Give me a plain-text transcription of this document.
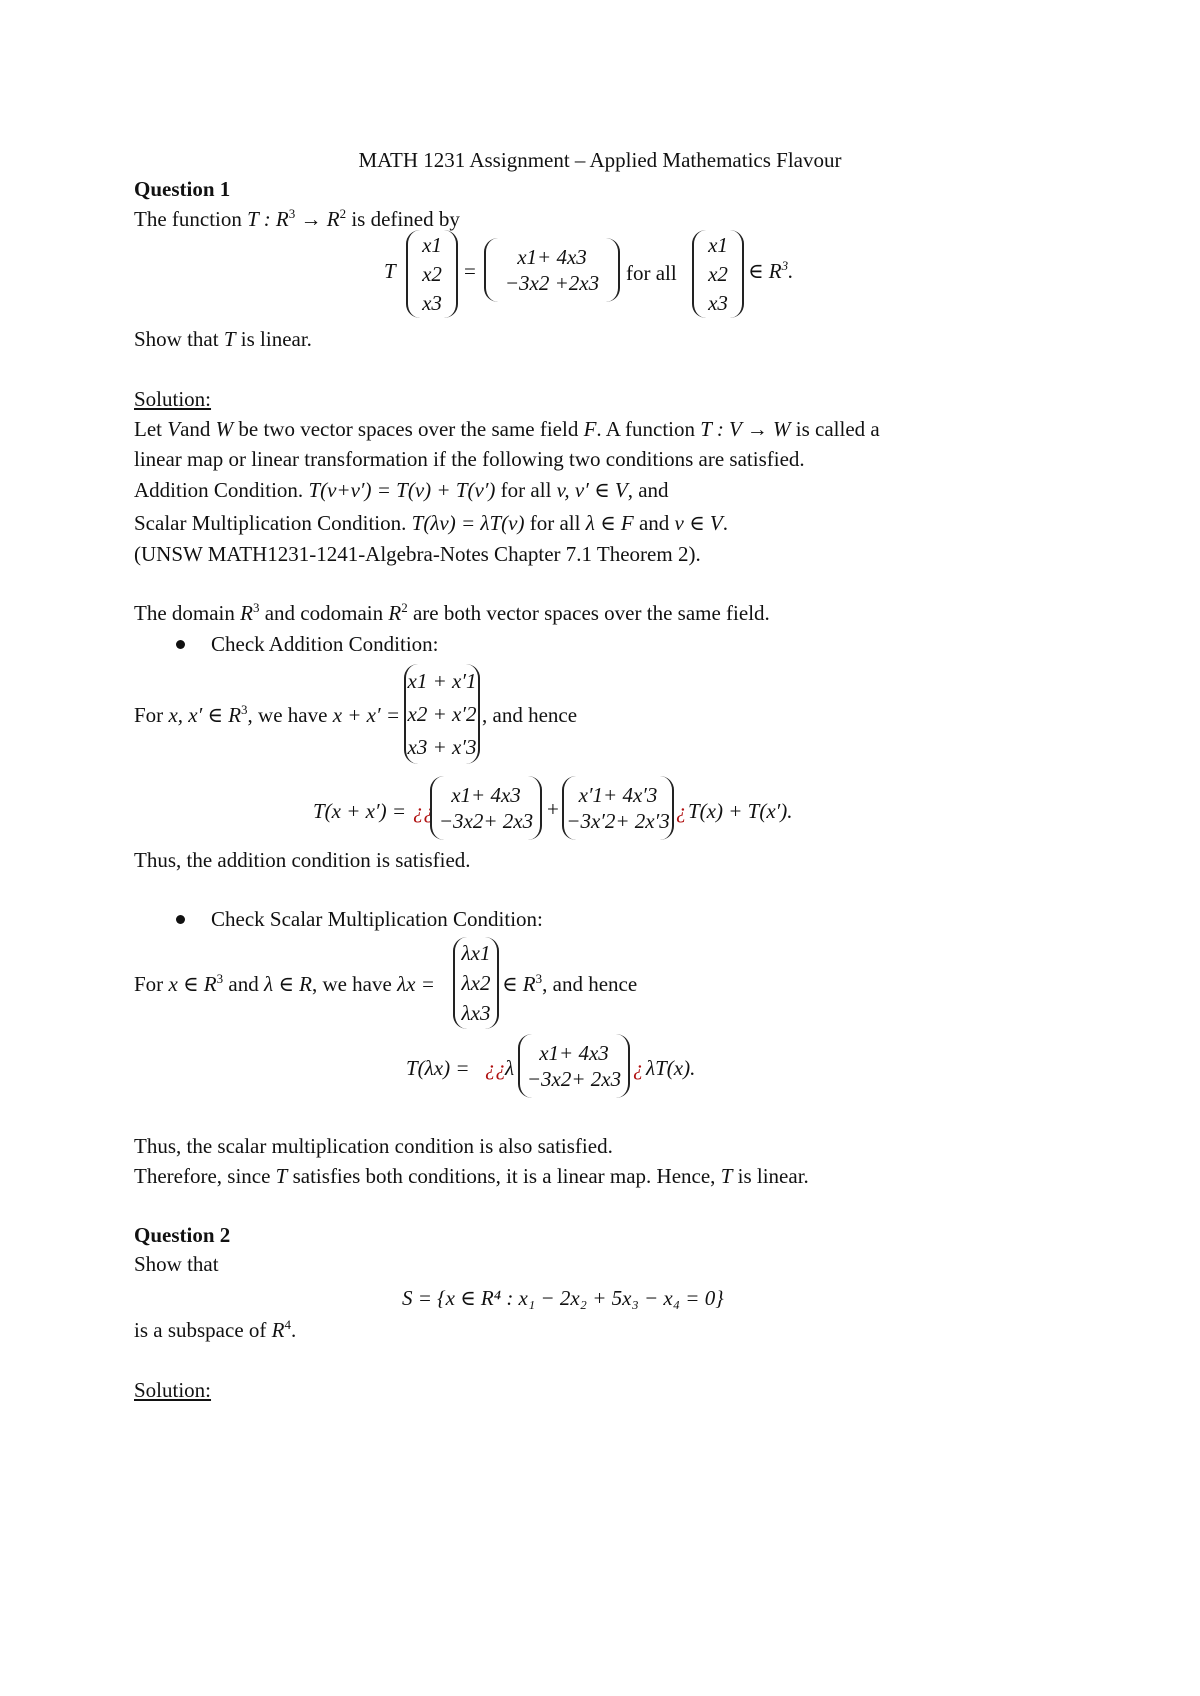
MATH 1231 Assignment – Applied Mathematics Flavour
Question 1
The function T : $R^3 \to R^2$ is defined by
T
x1
x2
x3
=
x1+ 4x3
−3x2 +2x3	for all
x1
x2
x3
∈ $R^3$.
Show that T is linear.
Solution:
Let Vand W be two vector spaces over the same field F. A function T : V → W is called a
linear map or linear transformation if the following two conditions are satisfied.
Addition Condition. T(v+v′) = T(v) + T(v′) for all v, v′ ∈ V, and
Scalar Multiplication Condition. T(λv) = λT(v) for all λ ∈ F and v ∈ V.
(UNSW MATH1231-1241-Algebra-Notes Chapter 7.1 Theorem 2).
The domain $R^3$ and codomain $R^2$ are both vector spaces over the same field.
Check Addition Condition:
For x, x′ ∈ $R^3$, we have x + x′ =
x1 + x′1
x2 + x′2
x3 + x′3
, and hence
T(x + x′) = ¿¿
x1+ 4x3
−3x2+ 2x3 +
x′1+ 4x′3
−3x′2+ 2x′3 ¿ T(x) + T(x′).
Thus, the addition condition is satisfied.
Check Scalar Multiplication Condition:
For x ∈ $R^3$ and λ ∈ R, we have λx =
λx1
λx2
λx3
∈ $R^3$, and hence
T(λx) = ¿¿ λ
x1+ 4x3
−3x2+ 2x3 ¿ λT(x).
Thus, the scalar multiplication condition is also satisfied.
Therefore, since T satisfies both conditions, it is a linear map. Hence, T is linear.
Question 2
Show that
S = {x ∈ R⁴ : x₁ − 2x₂ + 5x₃ − x₄ = 0}
is a subspace of $R^4$.
Solution:
